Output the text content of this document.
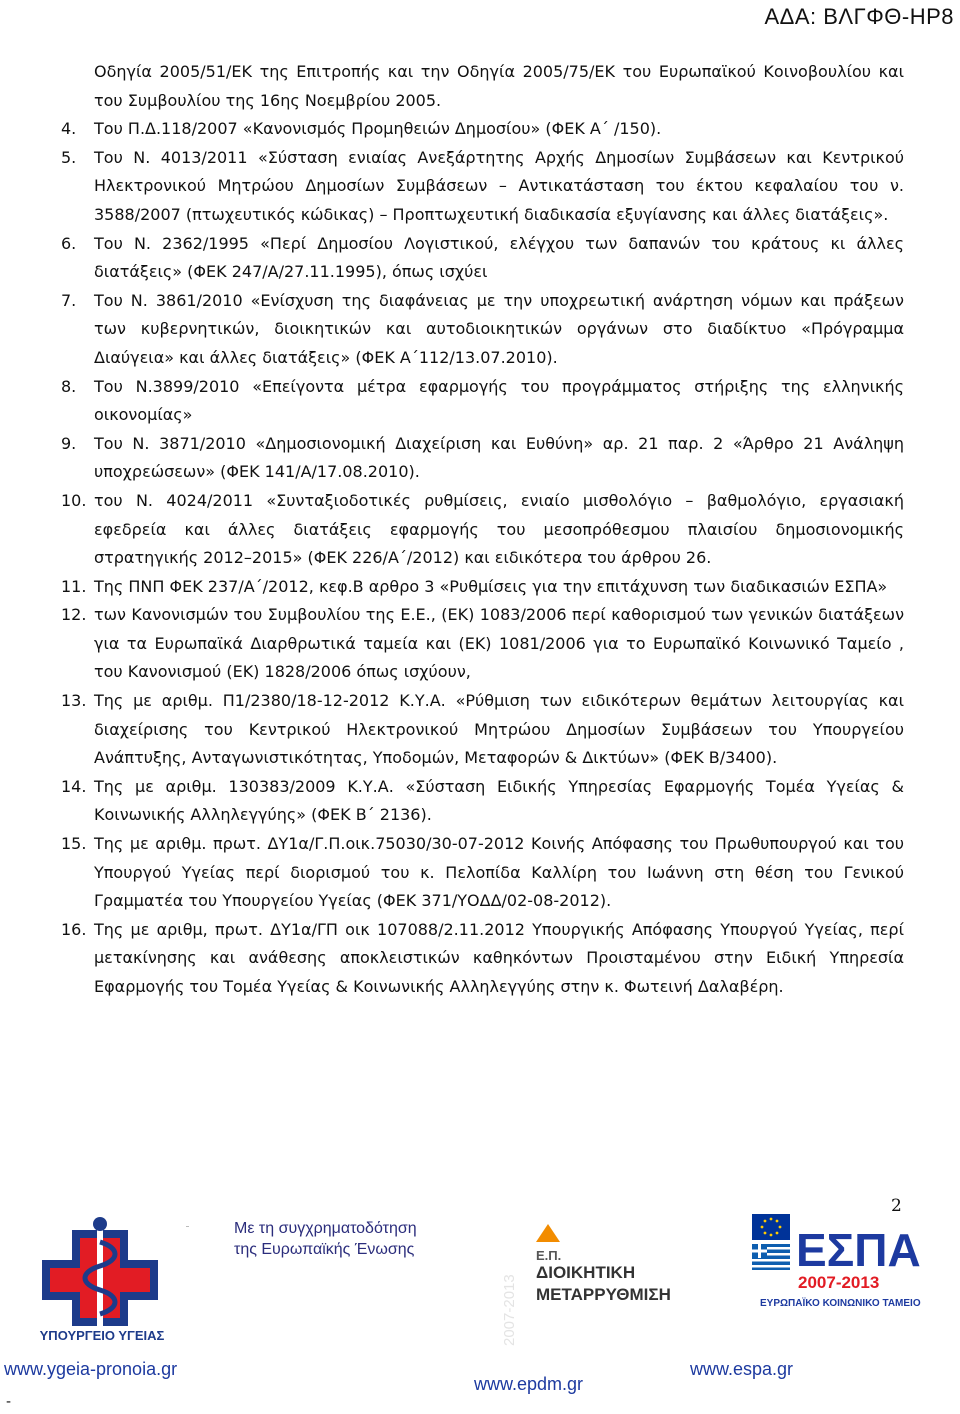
ΑΔΑ: ΒΛΓΦΘ-ΗΡ8
Οδηγία 2005/51/ΕΚ της Επιτροπής και την Οδηγία 2005/75/ΕΚ του Ευρωπαϊκού Κοινοβουλίου και του Συμβουλίου της 16ης Νοεμβρίου 2005.
4. Του Π.Δ.118/2007 «Κανονισμός Προμηθειών Δημοσίου» (ΦΕΚ Α΄ /150).
5. Του Ν. 4013/2011 «Σύσταση ενιαίας Ανεξάρτητης Αρχής Δημοσίων Συμβάσεων και Κεντρικού Ηλεκτρονικού Μητρώου Δημοσίων Συμβάσεων – Αντικατάσταση του έκτου κεφαλαίου του ν. 3588/2007 (πτωχευτικός κώδικας) – Προπτωχευτική διαδικασία εξυγίανσης και άλλες διατάξεις».
6. Του Ν. 2362/1995 «Περί Δημοσίου Λογιστικού, ελέγχου των δαπανών του κράτους κι άλλες διατάξεις» (ΦΕΚ 247/Α/27.11.1995), όπως ισχύει
7. Του Ν. 3861/2010 «Ενίσχυση της διαφάνειας με την υποχρεωτική ανάρτηση νόμων και πράξεων των κυβερνητικών, διοικητικών και αυτοδιοικητικών οργάνων στο διαδίκτυο «Πρόγραμμα Διαύγεια» και άλλες διατάξεις» (ΦΕΚ Α΄112/13.07.2010).
8. Του Ν.3899/2010 «Επείγοντα μέτρα εφαρμογής του προγράμματος στήριξης της ελληνικής οικονομίας»
9. Του Ν. 3871/2010 «Δημοσιονομική Διαχείριση και Ευθύνη» αρ. 21 παρ. 2 «Άρθρο 21 Ανάληψη υποχρεώσεων» (ΦΕΚ 141/Α/17.08.2010).
10. του Ν. 4024/2011 «Συνταξιοδοτικές ρυθμίσεις, ενιαίο μισθολόγιο – βαθμολόγιο, εργασιακή εφεδρεία και άλλες διατάξεις εφαρμογής του μεσοπρόθεσμου πλαισίου δημοσιονομικής στρατηγικής 2012–2015» (ΦΕΚ 226/Α΄/2012) και ειδικότερα του άρθρου 26.
11. Της ΠΝΠ ΦΕΚ 237/Α΄/2012, κεφ.Β αρθρο 3 «Ρυθμίσεις για την επιτάχυνση των διαδικασιών ΕΣΠΑ»
12. των Κανονισμών του Συμβουλίου της Ε.Ε., (ΕΚ) 1083/2006 περί καθορισμού των γενικών διατάξεων για τα Ευρωπαϊκά Διαρθρωτικά ταμεία και (ΕΚ) 1081/2006 για το Ευρωπαϊκό Κοινωνικό Ταμείο , του Κανονισμού (ΕΚ) 1828/2006 όπως ισχύουν,
13. Της με αριθμ. Π1/2380/18-12-2012 Κ.Υ.Α. «Ρύθμιση των ειδικότερων θεμάτων λειτουργίας και διαχείρισης του Κεντρικού Ηλεκτρονικού Μητρώου Δημοσίων Συμβάσεων του Υπουργείου Ανάπτυξης, Ανταγωνιστικότητας, Υποδομών, Μεταφορών & Δικτύων» (ΦΕΚ Β/3400).
14. Της με αριθμ. 130383/2009 Κ.Υ.Α. «Σύσταση Ειδικής Υπηρεσίας Εφαρμογής Τομέα Υγείας & Κοινωνικής Αλληλεγγύης» (ΦΕΚ Β΄ 2136).
15. Της με αριθμ. πρωτ. ΔΥ1α/Γ.Π.οικ.75030/30-07-2012 Κοινής Απόφασης του Πρωθυπουργού και του Υπουργού Υγείας περί διορισμού του κ. Πελοπίδα Καλλίρη του Ιωάννη στη θέση του Γενικού Γραμματέα του Υπουργείου Υγείας (ΦΕΚ 371/ΥΟΔΔ/02-08-2012).
16. Της με αριθμ, πρωτ. ΔΥ1α/ΓΠ οικ 107088/2.11.2012 Υπουργικής Απόφασης Υπουργού Υγείας, περί μετακίνησης και ανάθεσης αποκλειστικών καθηκόντων Προισταμένου στην Ειδική Υπηρεσία Εφαρμογής του Τομέα Υγείας & Κοινωνικής Αλληλεγγύης στην κ. Φωτεινή Δαλαβέρη.
2
ΥΠΟΥΡΓΕΙΟ ΥΓΕΙΑΣ
Με τη συγχρηματοδότηση
της Ευρωπαϊκής Ένωσης
2007-2013
Ε.Π.
ΔΙΟΙΚΗΤΙΚΗ
ΜΕΤΑΡΡΥΘΜΙΣΗ
ΕΣΠΑ
2007-2013
ΕΥΡΩΠΑΪΚΟ ΚΟΙΝΩΝΙΚΟ ΤΑΜΕΙΟ
www.ygeia-pronoia.gr
www.epdm.gr
www.espa.gr
-
